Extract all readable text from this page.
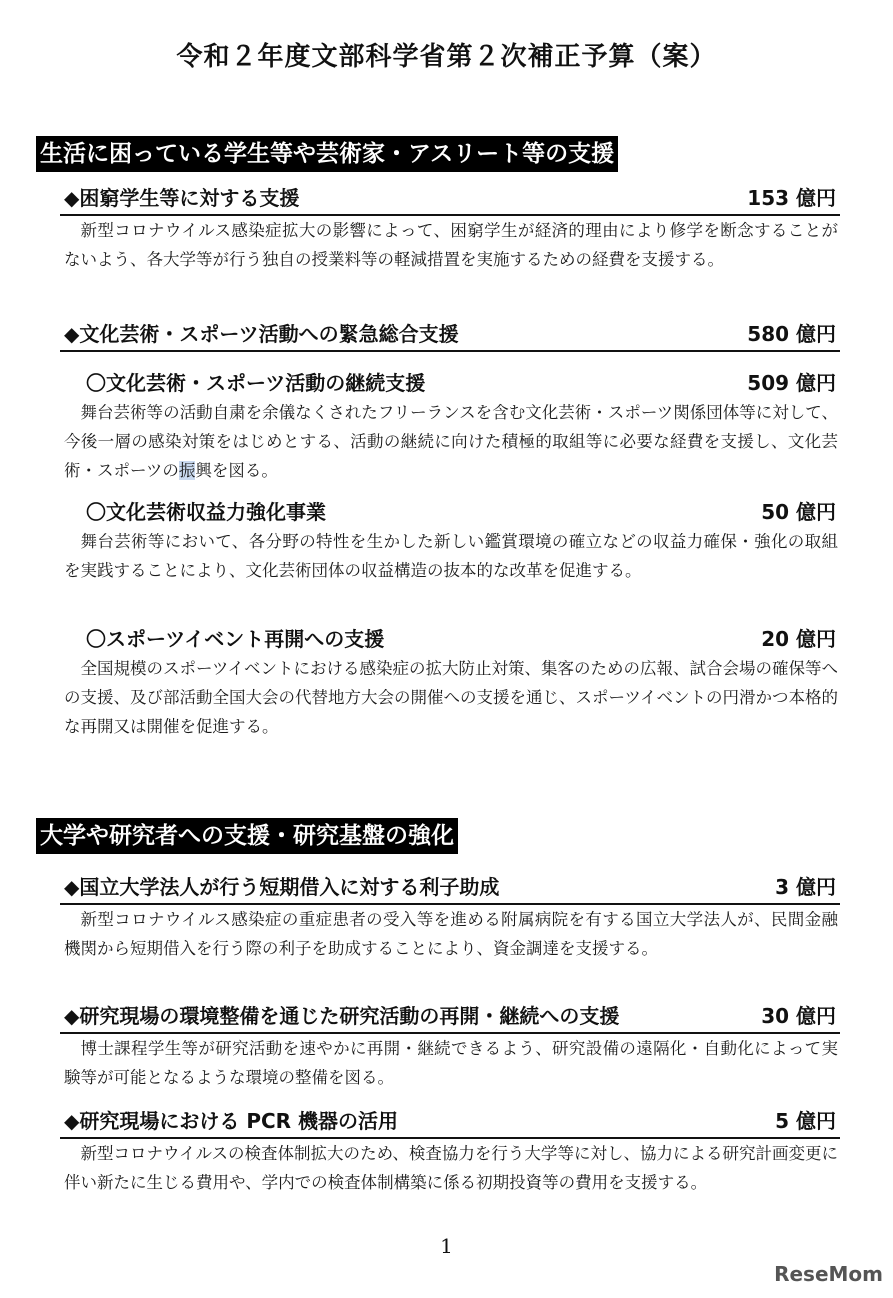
令和２年度文部科学省第２次補正予算（案）
生活に困っている学生等や芸術家・アスリート等の支援
◆困窮学生等に対する支援	153 億円

新型コロナウイルス感染症拡大の影響によって、困窮学生が経済的理由により修学を断念することがないよう、各大学等が行う独自の授業料等の軽減措置を実施するための経費を支援する。

◆文化芸術・スポーツ活動への緊急総合支援	580 億円
〇文化芸術・スポーツ活動の継続支援	509 億円

舞台芸術等の活動自粛を余儀なくされたフリーランスを含む文化芸術・スポーツ関係団体等に対して、今後一層の感染対策をはじめとする、活動の継続に向けた積極的取組等に必要な経費を支援し、文化芸術・スポーツの振興を図る。

〇文化芸術収益力強化事業	50 億円

舞台芸術等において、各分野の特性を生かした新しい鑑賞環境の確立などの収益力確保・強化の取組を実践することにより、文化芸術団体の収益構造の抜本的な改革を促進する。

〇スポーツイベント再開への支援	20 億円

全国規模のスポーツイベントにおける感染症の拡大防止対策、集客のための広報、試合会場の確保等への支援、及び部活動全国大会の代替地方大会の開催への支援を通じ、スポーツイベントの円滑かつ本格的な再開又は開催を促進する。

大学や研究者への支援・研究基盤の強化
◆国立大学法人が行う短期借入に対する利子助成	3 億円

新型コロナウイルス感染症の重症患者の受入等を進める附属病院を有する国立大学法人が、民間金融機関から短期借入を行う際の利子を助成することにより、資金調達を支援する。

◆研究現場の環境整備を通じた研究活動の再開・継続への支援	30 億円

博士課程学生等が研究活動を速やかに再開・継続できるよう、研究設備の遠隔化・自動化によって実験等が可能となるような環境の整備を図る。

◆研究現場における PCR 機器の活用	5 億円

新型コロナウイルスの検査体制拡大のため、検査協力を行う大学等に対し、協力による研究計画変更に伴い新たに生じる費用や、学内での検査体制構築に係る初期投資等の費用を支援する。

1
ReseMom
